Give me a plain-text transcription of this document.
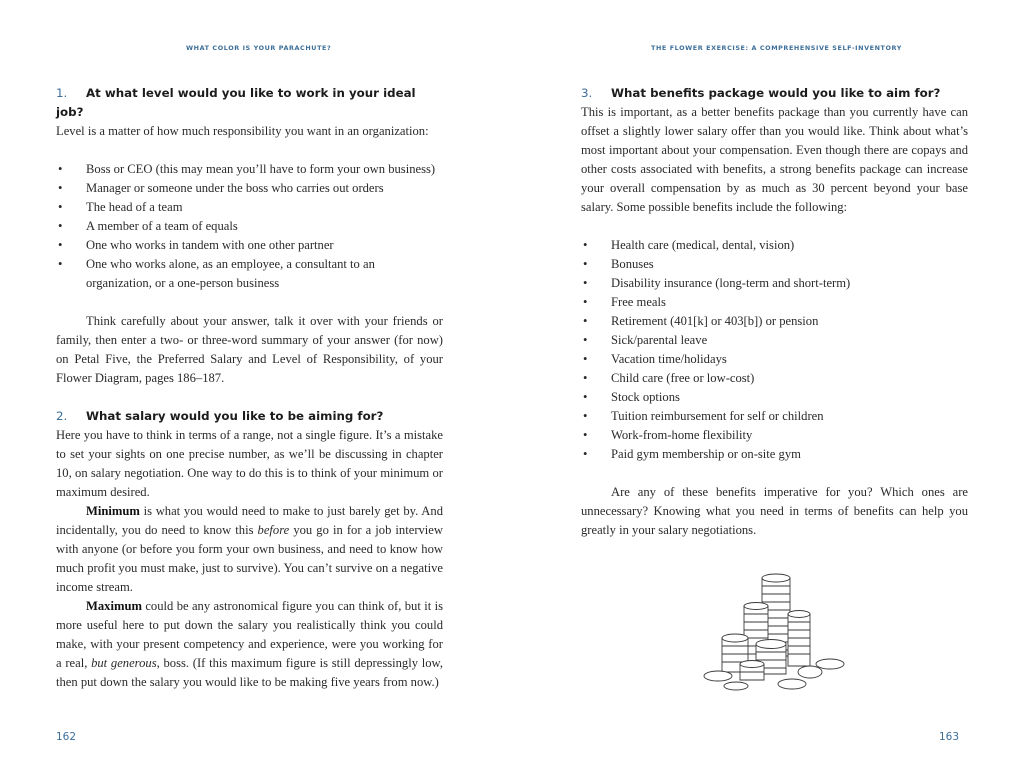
WHAT COLOR IS YOUR PARACHUTE?
1. At what level would you like to work in your ideal job?

Level is a matter of how much responsibility you want in an organization:

• Boss or CEO (this may mean you’ll have to form your own business)
• Manager or someone under the boss who carries out orders
• The head of a team
• A member of a team of equals
• One who works in tandem with one other partner
• One who works alone, as an employee, a consultant to an organization, or a one-person business

Think carefully about your answer, talk it over with your friends or family, then enter a two- or three-word summary of your answer (for now) on Petal Five, the Preferred Salary and Level of Responsibility, of your Flower Diagram, pages 186–187.

2. What salary would you like to be aiming for?

Here you have to think in terms of a range, not a single figure. It’s a mistake to set your sights on one precise number, as we’ll be discussing in chapter 10, on salary negotiation. One way to do this is to think of your minimum or maximum desired.

Minimum is what you would need to make to just barely get by. And incidentally, you do need to know this before you go in for a job interview with anyone (or before you form your own business, and need to know how much profit you must make, just to survive). You can’t survive on a negative income stream.

Maximum could be any astronomical figure you can think of, but it is more useful here to put down the salary you realistically think you could make, with your present competency and experience, were you working for a real, but generous, boss. (If this maximum figure is still depressingly low, then put down the salary you would like to be making five years from now.)

162
THE FLOWER EXERCISE: A COMPREHENSIVE SELF-INVENTORY
3. What benefits package would you like to aim for?

This is important, as a better benefits package than you currently have can offset a slightly lower salary offer than you would like. Think about what’s most important about your compensation. Even though there are copays and other costs associated with benefits, a strong benefits package can increase your overall compensation by as much as 30 percent beyond your base salary. Some possible benefits include the following:

• Health care (medical, dental, vision)
• Bonuses
• Disability insurance (long-term and short-term)
• Free meals
• Retirement (401[k] or 403[b]) or pension
• Sick/parental leave
• Vacation time/holidays
• Child care (free or low-cost)
• Stock options
• Tuition reimbursement for self or children
• Work-from-home flexibility
• Paid gym membership or on-site gym

Are any of these benefits imperative for you? Which ones are unnecessary? Knowing what you need in terms of benefits can help you greatly in your salary negotiations.

163
